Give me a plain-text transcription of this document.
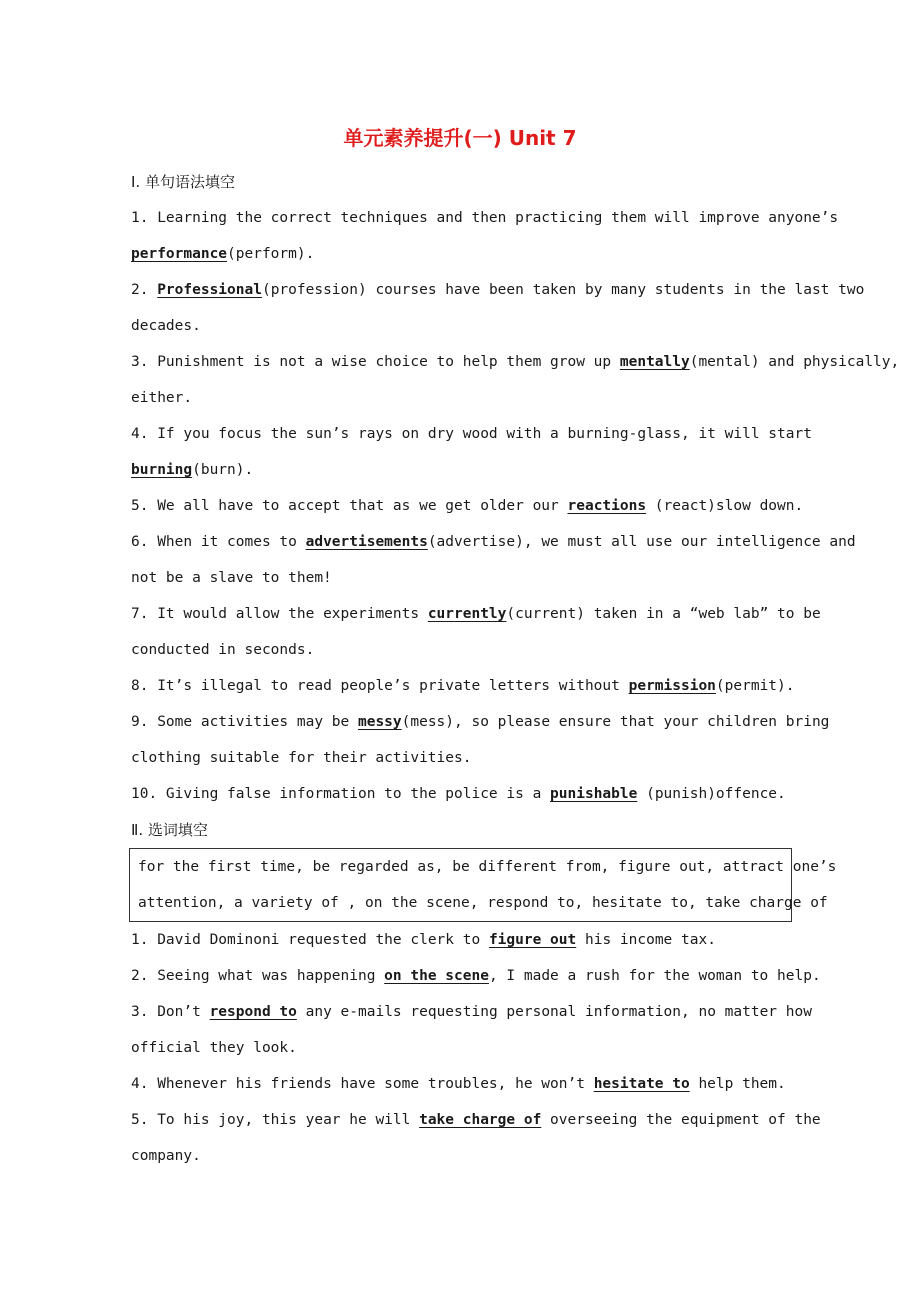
单元素养提升(一) Unit 7
Ⅰ. 单句语法填空
1. Learning the correct techniques and then practicing them will improve anyone’s
performance(perform).
2. Professional(profession) courses have been taken by many students in the last two
decades.
3. Punishment is not a wise choice to help them grow up mentally(mental) and physically,
either.
4. If you focus the sun’s rays on dry wood with a burning-glass, it will start
burning(burn).
5. We all have to accept that as we get older our reactions (react)slow down.
6. When it comes to advertisements(advertise), we must all use our intelligence and
not be a slave to them!
7. It would allow the experiments currently(current) taken in a “web lab” to be
conducted in seconds.
8. It’s illegal to read people’s private letters without permission(permit).
9. Some activities may be messy(mess), so please ensure that your children bring
clothing suitable for their activities.
10. Giving false information to the police is a punishable (punish)offence.
Ⅱ. 选词填空
for the first time, be regarded as, be different from, figure out, attract one’s
attention, a variety of , on the scene, respond to, hesitate to, take charge of
1. David Dominoni requested the clerk to figure out his income tax.
2. Seeing what was happening on the scene, I made a rush for the woman to help.
3. Don’t respond to any e-mails requesting personal information, no matter how
official they look.
4. Whenever his friends have some troubles, he won’t hesitate to help them.
5. To his joy, this year he will take charge of overseeing the equipment of the
company.
